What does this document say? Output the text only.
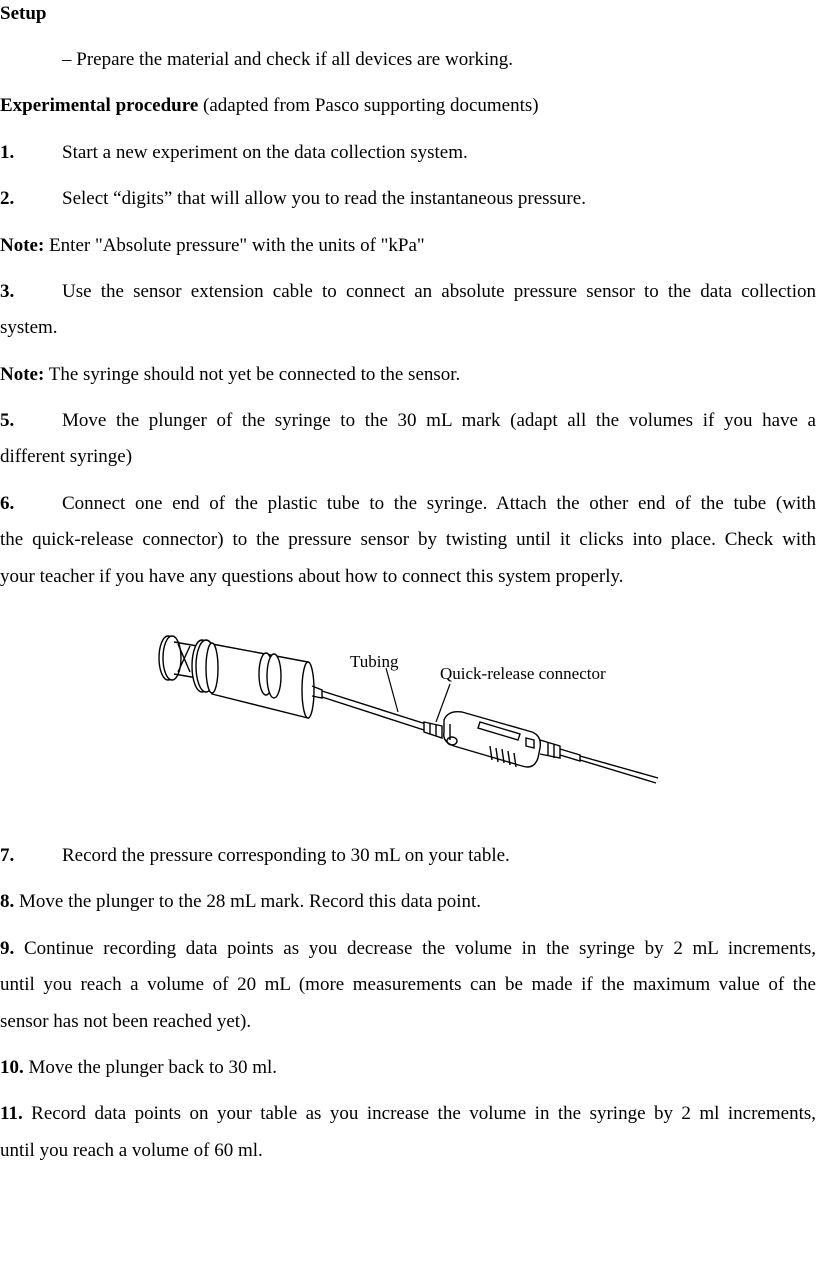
Setup
– Prepare the material and check if all devices are working.
Experimental procedure (adapted from Pasco supporting documents)
1.	Start a new experiment on the data collection system.
2.	Select “digits” that will allow you to read the instantaneous pressure.
Note: Enter "Absolute pressure" with the units of "kPa"
3.	Use the sensor extension cable to connect an absolute pressure sensor to the data collection
system.
Note: The syringe should not yet be connected to the sensor.
5.	Move the plunger of the syringe to the 30 mL mark (adapt all the volumes if you have a
different syringe)
6.	Connect one end of the plastic tube to the syringe. Attach the other end of the tube (with
the quick-release connector) to the pressure sensor by twisting until it clicks into place. Check with
your teacher if you have any questions about how to connect this system properly.
Tubing
Quick-release connector
7.	Record the pressure corresponding to 30 mL on your table.
8. Move the plunger to the 28 mL mark. Record this data point.
9. Continue recording data points as you decrease the volume in the syringe by 2 mL increments,
until you reach a volume of 20 mL (more measurements can be made if the maximum value of the
sensor has not been reached yet).
10. Move the plunger back to 30 ml.
11. Record data points on your table as you increase the volume in the syringe by 2 ml increments,
until you reach a volume of 60 ml.
